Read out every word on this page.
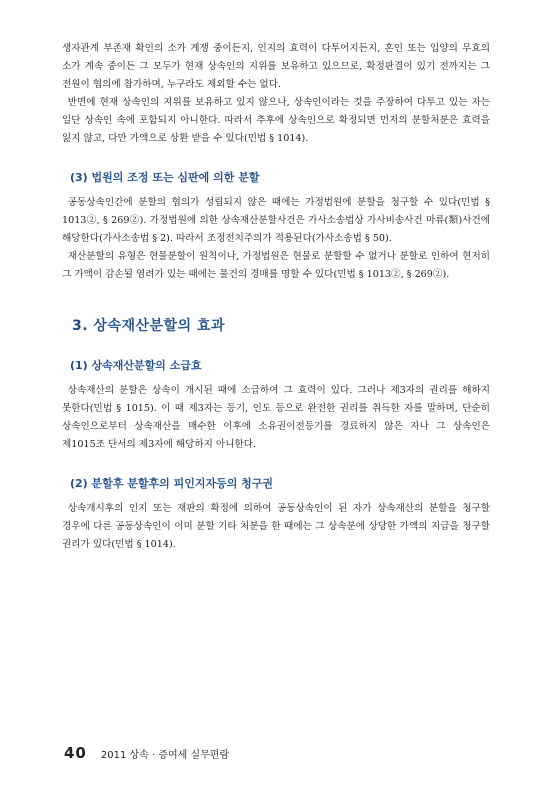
생자관계 부존재 확인의 소가 계쟁 중이든지, 인지의 효력이 다투어지든지, 혼인 또는 입양의 무효의 소가 계속 중이든 그 모두가 현재 상속인의 지위를 보유하고 있으므로, 확정판결이 있기 전까지는 그 전원이 협의에 참가하며, 누구라도 제외할 수는 없다.

반면에 현재 상속인의 지위를 보유하고 있지 않으나, 상속인이라는 것을 주장하여 다투고 있는 자는 일단 상속인 속에 포함되지 아니한다. 따라서 추후에 상속인으로 확정되면 먼저의 분할처분은 효력을 잃지 않고, 다만 가액으로 상환 받을 수 있다(민법 § 1014).

(3) 법원의 조정 또는 심판에 의한 분할

공동상속인간에 분할의 협의가 성립되지 않은 때에는 가정법원에 분할을 청구할 수 있다(민법 § 1013②, § 269②). 가정법원에 의한 상속재산분할사건은 가사소송법상 가사비송사건 마류(類)사건에 해당한다(가사소송법 § 2). 따라서 조정전치주의가 적용된다(가사소송법 § 50).

재산분할의 유형은 현물분할이 원칙이나, 가정법원은 현물로 분할할 수 없거나 분할로 인하여 현저히 그 가액이 감손될 염려가 있는 때에는 물건의 경매를 명할 수 있다(민법 § 1013②, § 269②).

3. 상속재산분할의 효과
(1) 상속재산분할의 소급효

상속재산의 분할은 상속이 개시된 때에 소급하여 그 효력이 있다. 그러나 제3자의 권리를 해하지 못한다(민법 § 1015). 이 때 제3자는 등기, 인도 등으로 완전한 권리를 취득한 자를 말하며, 단순히 상속인으로부터 상속재산을 매수한 이후에 소유권이전등기를 경료하지 않은 자나 그 상속인은 제1015조 단서의 제3자에 해당하지 아니한다.

(2) 분할후 분할후의 피인지자등의 청구권

상속개시후의 인지 또는 재판의 확정에 의하여 공동상속인이 된 자가 상속재산의 분할을 청구할 경우에 다른 공동상속인이 이미 분할 기타 처분을 한 때에는 그 상속분에 상당한 가액의 지급을 청구할 권리가 있다(민법 § 1014).

40 2011 상속 · 증여세 실무편람
